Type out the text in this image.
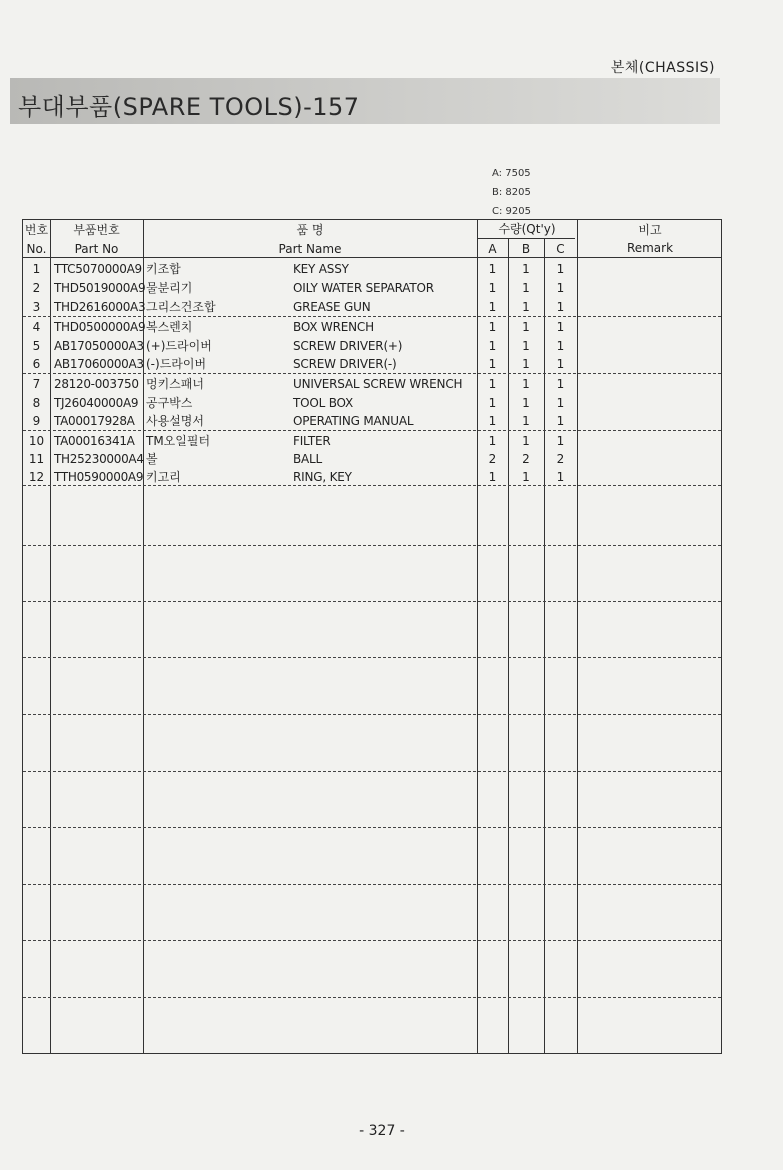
본체(CHASSIS)
부대부품(SPARE TOOLS)-157
A: 7505
B: 8205
C: 9205
번호
No.
부품번호
Part No
품 명
Part Name
수량(Qt'y)
A	B	C
비고
Remark
1	TTC5070000A9 키조합	KEY ASSY	1	1	1
2	THD5019000A9 물분리기	OILY WATER SEPARATOR	1	1	1
3	THD2616000A3 그리스건조합	GREASE GUN	1	1	1
4	THD0500000A9 복스렌치	BOX WRENCH	1	1	1
5	AB17050000A3 (+)드라이버	SCREW DRIVER(+)	1	1	1
6	AB17060000A3 (-)드라이버	SCREW DRIVER(-)	1	1	1
7	28120-003750 멍키스패너	UNIVERSAL SCREW WRENCH	1	1	1
8	TJ26040000A9 공구박스	TOOL BOX	1	1	1
9	TA00017928A 사용설명서	OPERATING MANUAL	1	1	1
10 TA00016341A TM오일필터	FILTER	1	1	1
11 TH25230000A4 볼	BALL	2	2	2
12 TTH0590000A9 키고리	RING, KEY	1	1	1
- 327 -
